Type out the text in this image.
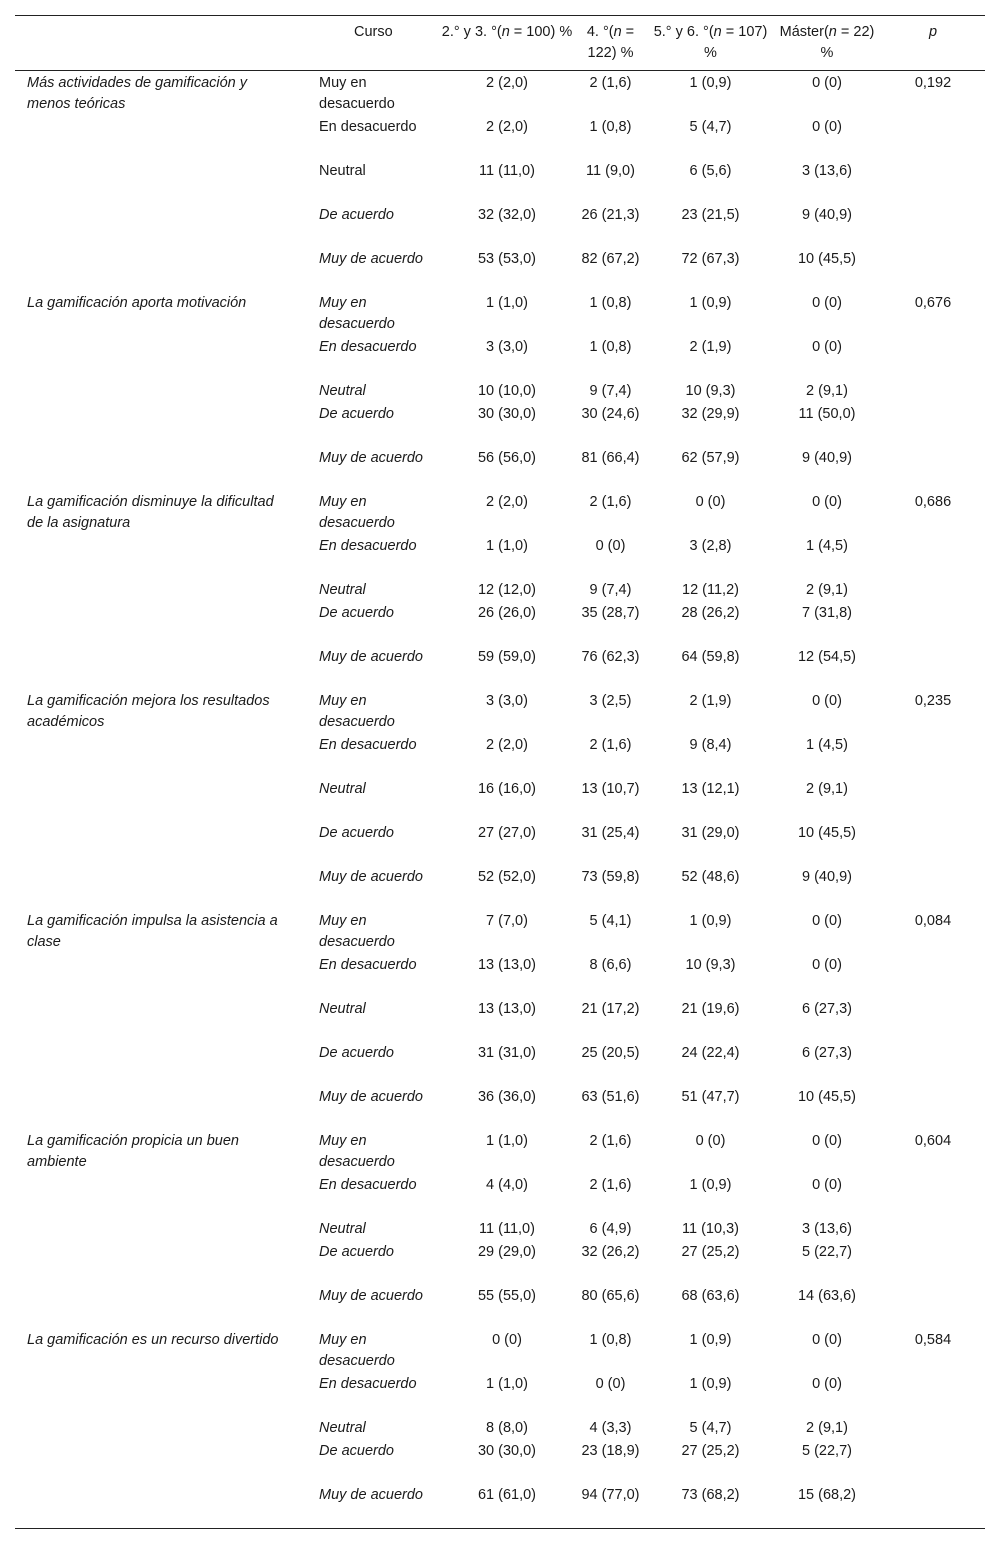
	Curso	2.° y 3. °(n = 100) %	4. °(n = 122) %	5.° y 6. °(n = 107) %	Máster(n = 22) %	p
Más actividades de gamificación y menos teóricas	Muy en desacuerdo	2 (2,0)	2 (1,6)	1 (0,9)	0 (0)	0,192
	En desacuerdo	2 (2,0)	1 (0,8)	5 (4,7)	0 (0)	
	Neutral	11 (11,0)	11 (9,0)	6 (5,6)	3 (13,6)	
	De acuerdo	32 (32,0)	26 (21,3)	23 (21,5)	9 (40,9)	
	Muy de acuerdo	53 (53,0)	82 (67,2)	72 (67,3)	10 (45,5)	
La gamificación aporta motivación	Muy en desacuerdo	1 (1,0)	1 (0,8)	1 (0,9)	0 (0)	0,676
	En desacuerdo	3 (3,0)	1 (0,8)	2 (1,9)	0 (0)	
	Neutral	10 (10,0)	9 (7,4)	10 (9,3)	2 (9,1)	
	De acuerdo	30 (30,0)	30 (24,6)	32 (29,9)	11 (50,0)	
	Muy de acuerdo	56 (56,0)	81 (66,4)	62 (57,9)	9 (40,9)	
La gamificación disminuye la dificultad de la asignatura	Muy en desacuerdo	2 (2,0)	2 (1,6)	0 (0)	0 (0)	0,686
	En desacuerdo	1 (1,0)	0 (0)	3 (2,8)	1 (4,5)	
	Neutral	12 (12,0)	9 (7,4)	12 (11,2)	2 (9,1)	
	De acuerdo	26 (26,0)	35 (28,7)	28 (26,2)	7 (31,8)	
	Muy de acuerdo	59 (59,0)	76 (62,3)	64 (59,8)	12 (54,5)	
La gamificación mejora los resultados académicos	Muy en desacuerdo	3 (3,0)	3 (2,5)	2 (1,9)	0 (0)	0,235
	En desacuerdo	2 (2,0)	2 (1,6)	9 (8,4)	1 (4,5)	
	Neutral	16 (16,0)	13 (10,7)	13 (12,1)	2 (9,1)	
	De acuerdo	27 (27,0)	31 (25,4)	31 (29,0)	10 (45,5)	
	Muy de acuerdo	52 (52,0)	73 (59,8)	52 (48,6)	9 (40,9)	
La gamificación impulsa la asistencia a clase	Muy en desacuerdo	7 (7,0)	5 (4,1)	1 (0,9)	0 (0)	0,084
	En desacuerdo	13 (13,0)	8 (6,6)	10 (9,3)	0 (0)	
	Neutral	13 (13,0)	21 (17,2)	21 (19,6)	6 (27,3)	
	De acuerdo	31 (31,0)	25 (20,5)	24 (22,4)	6 (27,3)	
	Muy de acuerdo	36 (36,0)	63 (51,6)	51 (47,7)	10 (45,5)	
La gamificación propicia un buen ambiente	Muy en desacuerdo	1 (1,0)	2 (1,6)	0 (0)	0 (0)	0,604
	En desacuerdo	4 (4,0)	2 (1,6)	1 (0,9)	0 (0)	
	Neutral	11 (11,0)	6 (4,9)	11 (10,3)	3 (13,6)	
	De acuerdo	29 (29,0)	32 (26,2)	27 (25,2)	5 (22,7)	
	Muy de acuerdo	55 (55,0)	80 (65,6)	68 (63,6)	14 (63,6)	
La gamificación es un recurso divertido	Muy en desacuerdo	0 (0)	1 (0,8)	1 (0,9)	0 (0)	0,584
	En desacuerdo	1 (1,0)	0 (0)	1 (0,9)	0 (0)	
	Neutral	8 (8,0)	4 (3,3)	5 (4,7)	2 (9,1)	
	De acuerdo	30 (30,0)	23 (18,9)	27 (25,2)	5 (22,7)	
	Muy de acuerdo	61 (61,0)	94 (77,0)	73 (68,2)	15 (68,2)	
